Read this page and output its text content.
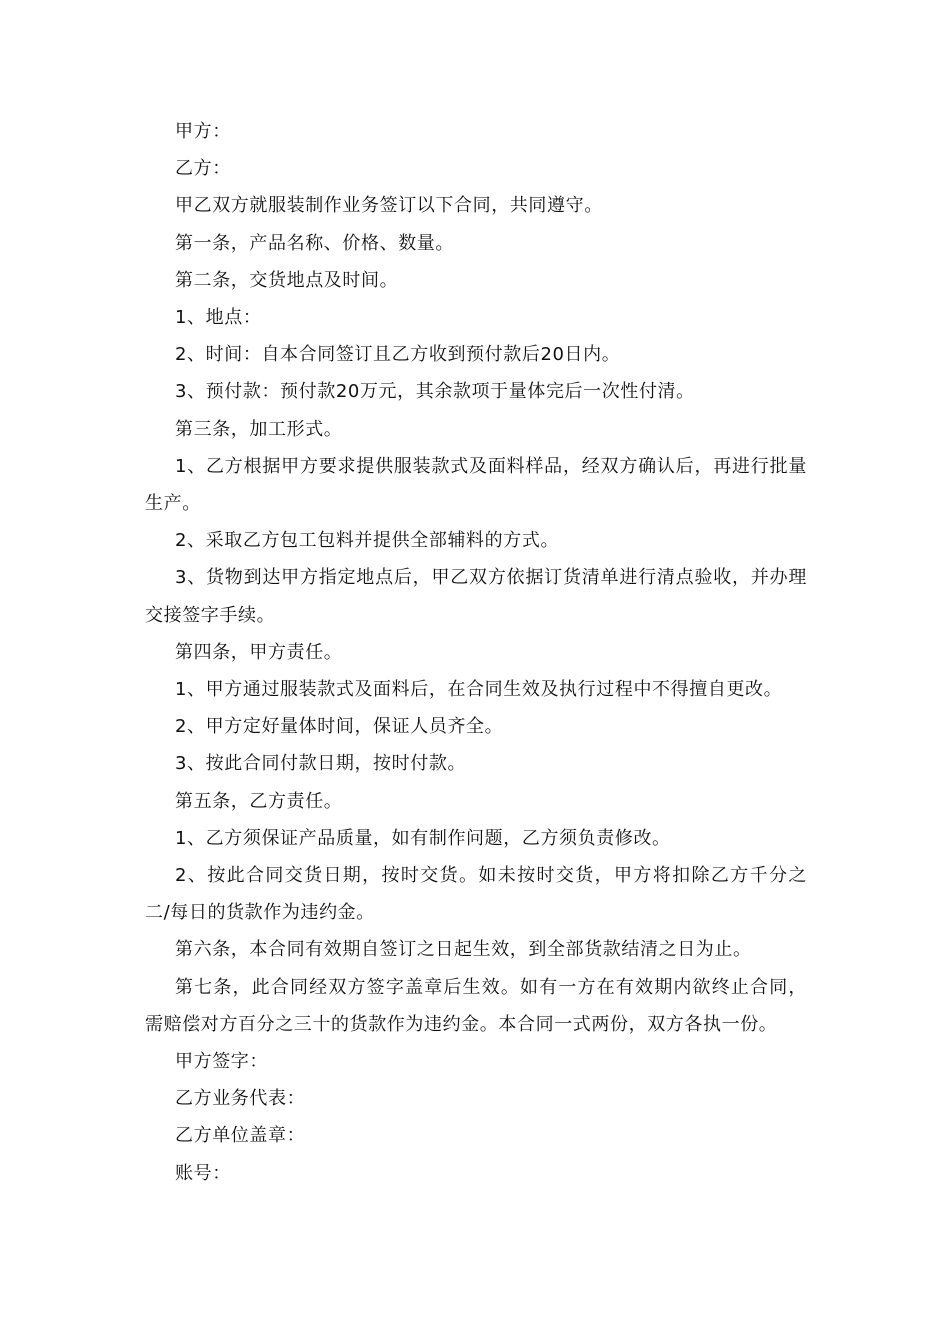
甲方：

乙方：

甲乙双方就服装制作业务签订以下合同，共同遵守。

第一条，产品名称、价格、数量。

第二条，交货地点及时间。

1、地点：

2、时间：自本合同签订且乙方收到预付款后20日内。

3、预付款：预付款20万元，其余款项于量体完后一次性付清。

第三条，加工形式。

1、乙方根据甲方要求提供服装款式及面料样品，经双方确认后，再进行批量生产。

2、采取乙方包工包料并提供全部辅料的方式。

3、货物到达甲方指定地点后，甲乙双方依据订货清单进行清点验收，并办理交接签字手续。

第四条，甲方责任。

1、甲方通过服装款式及面料后，在合同生效及执行过程中不得擅自更改。

2、甲方定好量体时间，保证人员齐全。

3、按此合同付款日期，按时付款。

第五条，乙方责任。

1、乙方须保证产品质量，如有制作问题，乙方须负责修改。

2、按此合同交货日期，按时交货。如未按时交货，甲方将扣除乙方千分之二/每日的货款作为违约金。

第六条，本合同有效期自签订之日起生效，到全部货款结清之日为止。

第七条，此合同经双方签字盖章后生效。如有一方在有效期内欲终止合同，需赔偿对方百分之三十的货款作为违约金。本合同一式两份，双方各执一份。

甲方签字：

乙方业务代表：

乙方单位盖章：

账号：
